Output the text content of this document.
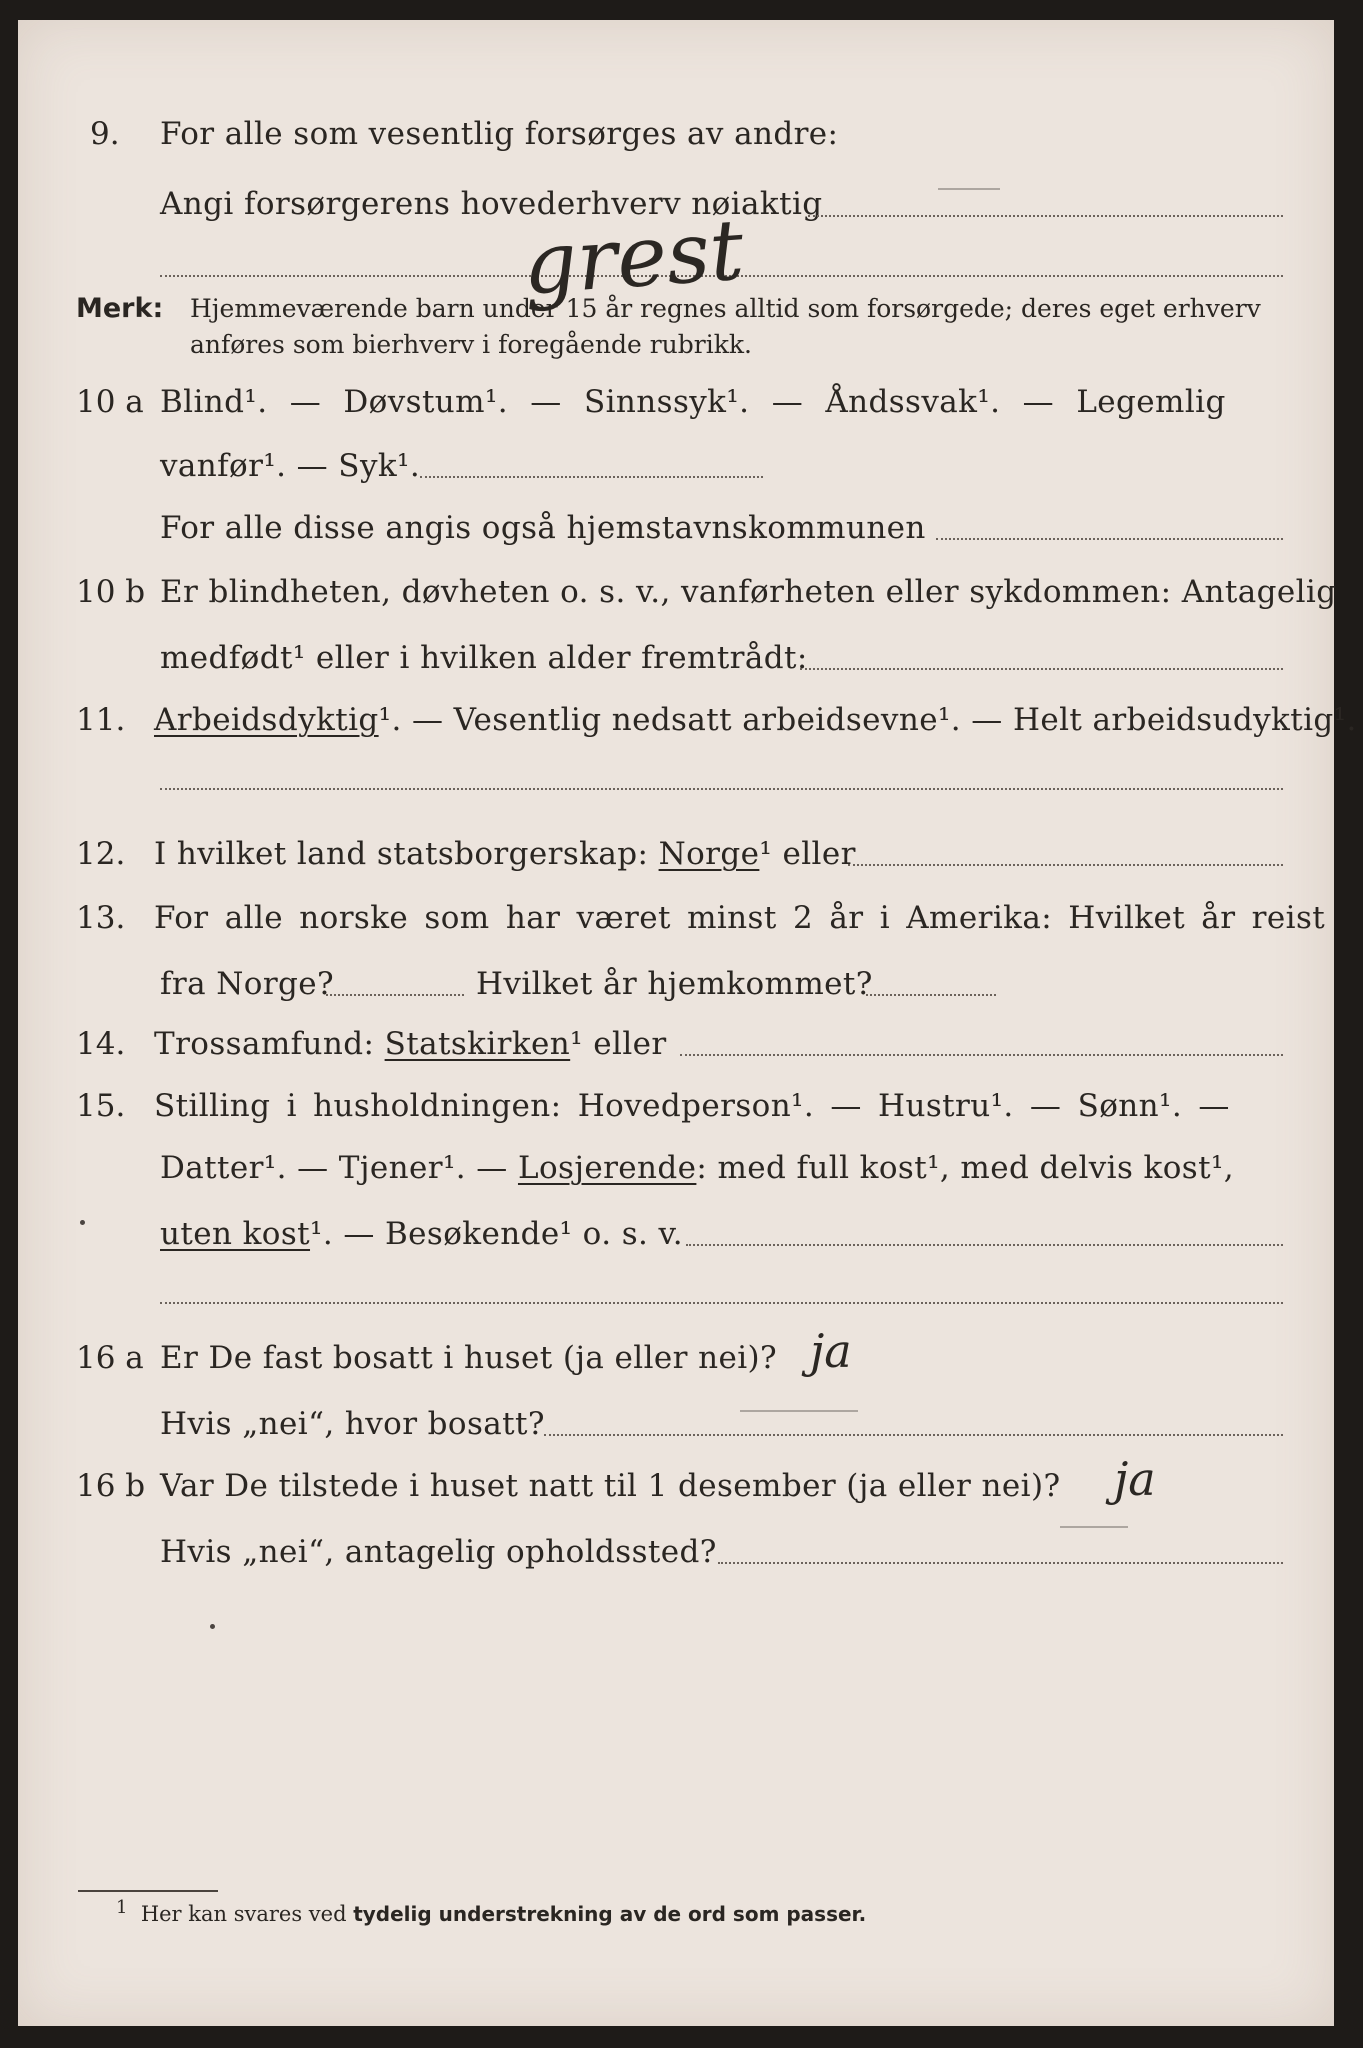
9. For alle som vesentlig forsørges av andre:
Angi forsørgerens hovederhverv nøiaktig
grest
Merk: Hjemmeværende barn under 15 år regnes alltid som forsørgede; deres eget erhverv
anføres som bierhverv i foregående rubrikk.
10 a Blind¹. — Døvstum¹. — Sinnssyk¹. — Åndssvak¹. — Legemlig
vanfør¹. — Syk¹.
For alle disse angis også hjemstavnskommunen
10 b Er blindheten, døvheten o. s. v., vanførheten eller sykdommen: Antagelig
medfødt¹ eller i hvilken alder fremtrådt:
11. Arbeidsdyktig¹. — Vesentlig nedsatt arbeidsevne¹. — Helt arbeidsudyktig¹.
12. I hvilket land statsborgerskap: Norge¹ eller
13. For alle norske som har været minst 2 år i Amerika: Hvilket år reist
fra Norge?	Hvilket år hjemkommet?
14. Trossamfund: Statskirken¹ eller
15. Stilling i husholdningen: Hovedperson¹. — Hustru¹. — Sønn¹. —
Datter¹. — Tjener¹. — Losjerende: med full kost¹, med delvis kost¹,
uten kost¹. — Besøkende¹ o. s. v.
16 a Er De fast bosatt i huset (ja eller nei)? ja
Hvis „nei“, hvor bosatt?
16 b Var De tilstede i huset natt til 1 desember (ja eller nei)? ja
Hvis „nei“, antagelig opholdssted?
1 Her kan svares ved tydelig understrekning av de ord som passer.
